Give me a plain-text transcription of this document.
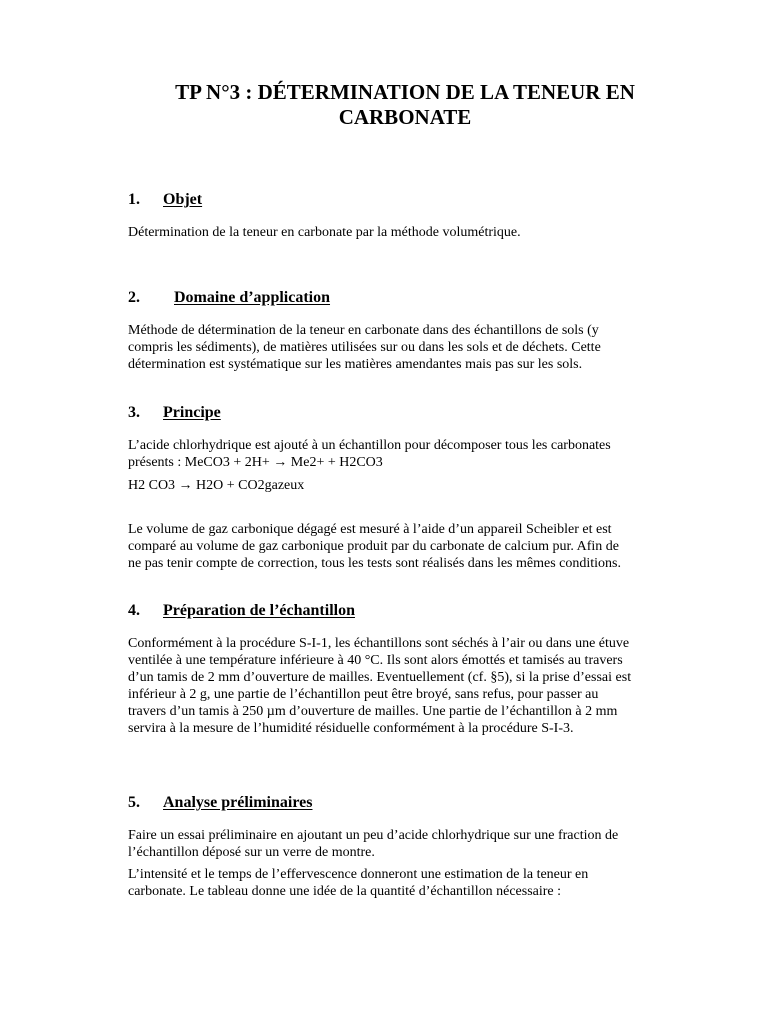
TP N°3 : DÉTERMINATION DE LA TENEUR EN
CARBONATE
1. Objet

Détermination de la teneur en carbonate par la méthode volumétrique.

2. Domaine d’application

Méthode de détermination de la teneur en carbonate dans des échantillons de sols (y
compris les sédiments), de matières utilisées sur ou dans les sols et de déchets. Cette
détermination est systématique sur les matières amendantes mais pas sur les sols.

3. Principe

L’acide chlorhydrique est ajouté à un échantillon pour décomposer tous les carbonates
présents : MeCO3 + 2H+ → Me2+ + H2CO3

H2 CO3 → H2O + CO2gazeux

Le volume de gaz carbonique dégagé est mesuré à l’aide d’un appareil Scheibler et est
comparé au volume de gaz carbonique produit par du carbonate de calcium pur. Afin de
ne pas tenir compte de correction, tous les tests sont réalisés dans les mêmes conditions.

4. Préparation de l’échantillon

Conformément à la procédure S-I-1, les échantillons sont séchés à l’air ou dans une étuve
ventilée à une température inférieure à 40 °C. Ils sont alors émottés et tamisés au travers
d’un tamis de 2 mm d’ouverture de mailles. Eventuellement (cf. §5), si la prise d’essai est
inférieur à 2 g, une partie de l’échantillon peut être broyé, sans refus, pour passer au
travers d’un tamis à 250 µm d’ouverture de mailles. Une partie de l’échantillon à 2 mm
servira à la mesure de l’humidité résiduelle conformément à la procédure S-I-3.

5. Analyse préliminaires

Faire un essai préliminaire en ajoutant un peu d’acide chlorhydrique sur une fraction de
l’échantillon déposé sur un verre de montre.

L’intensité et le temps de l’effervescence donneront une estimation de la teneur en
carbonate. Le tableau donne une idée de la quantité d’échantillon nécessaire :
